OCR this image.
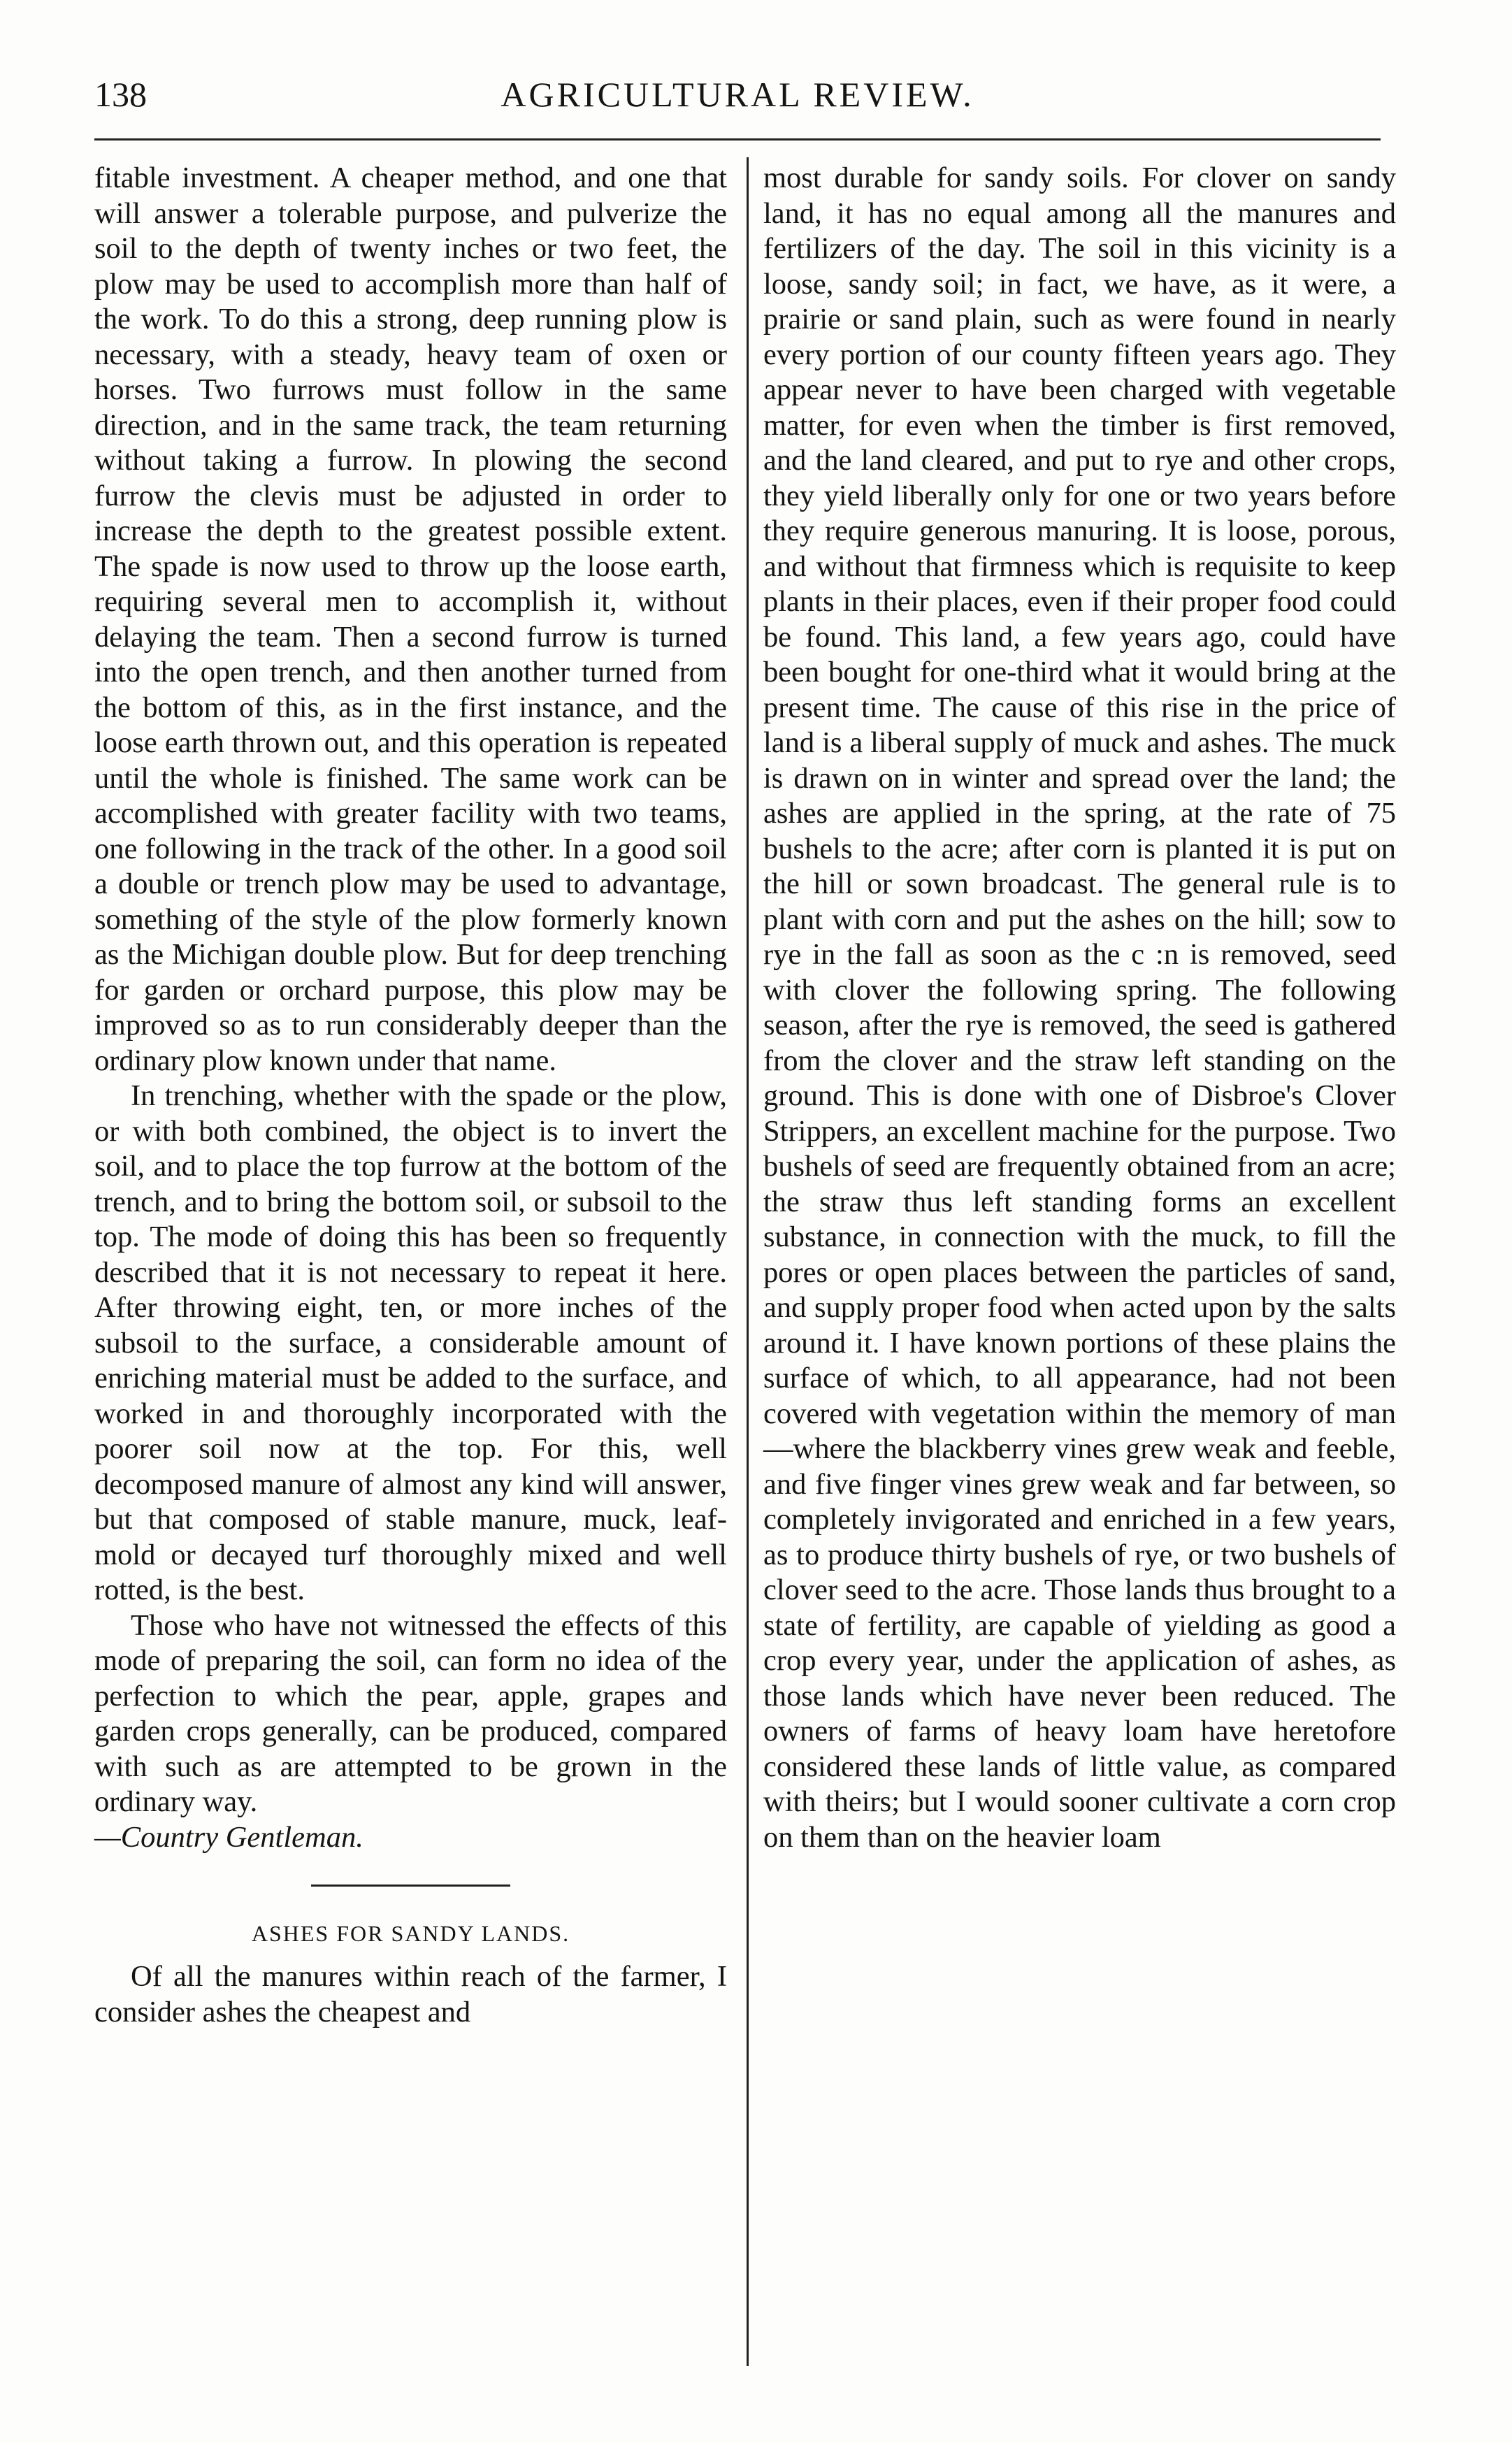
138	AGRICULTURAL REVIEW.

fitable investment. A cheaper method, and one that will answer a tolerable purpose, and pulverize the soil to the depth of twenty inches or two feet, the plow may be used to accomplish more than half of the work. To do this a strong, deep running plow is necessary, with a steady, heavy team of oxen or horses. Two furrows must follow in the same direction, and in the same track, the team returning without taking a furrow. In plowing the second furrow the clevis must be adjusted in order to increase the depth to the greatest possible extent. The spade is now used to throw up the loose earth, requiring several men to accomplish it, without delaying the team. Then a second furrow is turned into the open trench, and then another turned from the bottom of this, as in the first instance, and the loose earth thrown out, and this operation is repeated until the whole is finished. The same work can be accomplished with greater facility with two teams, one following in the track of the other. In a good soil a double or trench plow may be used to advantage, something of the style of the plow formerly known as the Michigan double plow. But for deep trenching for garden or orchard purpose, this plow may be improved so as to run considerably deeper than the ordinary plow known under that name.

In trenching, whether with the spade or the plow, or with both combined, the object is to invert the soil, and to place the top furrow at the bottom of the trench, and to bring the bottom soil, or subsoil to the top. The mode of doing this has been so frequently described that it is not necessary to repeat it here. After throwing eight, ten, or more inches of the subsoil to the surface, a considerable amount of enriching material must be added to the surface, and worked in and thoroughly incorporated with the poorer soil now at the top. For this, well decomposed manure of almost any kind will answer, but that composed of stable manure, muck, leaf-mold or decayed turf thoroughly mixed and well rotted, is the best.

Those who have not witnessed the effects of this mode of preparing the soil, can form no idea of the perfection to which the pear, apple, grapes and garden crops generally, can be produced, compared with such as are attempted to be grown in the ordinary way.

—Country Gentleman.

ASHES FOR SANDY LANDS.

Of all the manures within reach of the farmer, I consider ashes the cheapest and

most durable for sandy soils. For clover on sandy land, it has no equal among all the manures and fertilizers of the day. The soil in this vicinity is a loose, sandy soil; in fact, we have, as it were, a prairie or sand plain, such as were found in nearly every portion of our county fifteen years ago. They appear never to have been charged with vegetable matter, for even when the timber is first removed, and the land cleared, and put to rye and other crops, they yield liberally only for one or two years before they require generous manuring. It is loose, porous, and without that firmness which is requisite to keep plants in their places, even if their proper food could be found. This land, a few years ago, could have been bought for one-third what it would bring at the present time. The cause of this rise in the price of land is a liberal supply of muck and ashes. The muck is drawn on in winter and spread over the land; the ashes are applied in the spring, at the rate of 75 bushels to the acre; after corn is planted it is put on the hill or sown broadcast. The general rule is to plant with corn and put the ashes on the hill; sow to rye in the fall as soon as the c :n is removed, seed with clover the following spring. The following season, after the rye is removed, the seed is gathered from the clover and the straw left standing on the ground. This is done with one of Disbroe's Clover Strippers, an excellent machine for the purpose. Two bushels of seed are frequently obtained from an acre; the straw thus left standing forms an excellent substance, in connection with the muck, to fill the pores or open places between the particles of sand, and supply proper food when acted upon by the salts around it. I have known portions of these plains the surface of which, to all appearance, had not been covered with vegetation within the memory of man—where the blackberry vines grew weak and feeble, and five finger vines grew weak and far between, so completely invigorated and enriched in a few years, as to produce thirty bushels of rye, or two bushels of clover seed to the acre. Those lands thus brought to a state of fertility, are capable of yielding as good a crop every year, under the application of ashes, as those lands which have never been reduced. The owners of farms of heavy loam have heretofore considered these lands of little value, as compared with theirs; but I would sooner cultivate a corn crop on them than on the heavier loam
